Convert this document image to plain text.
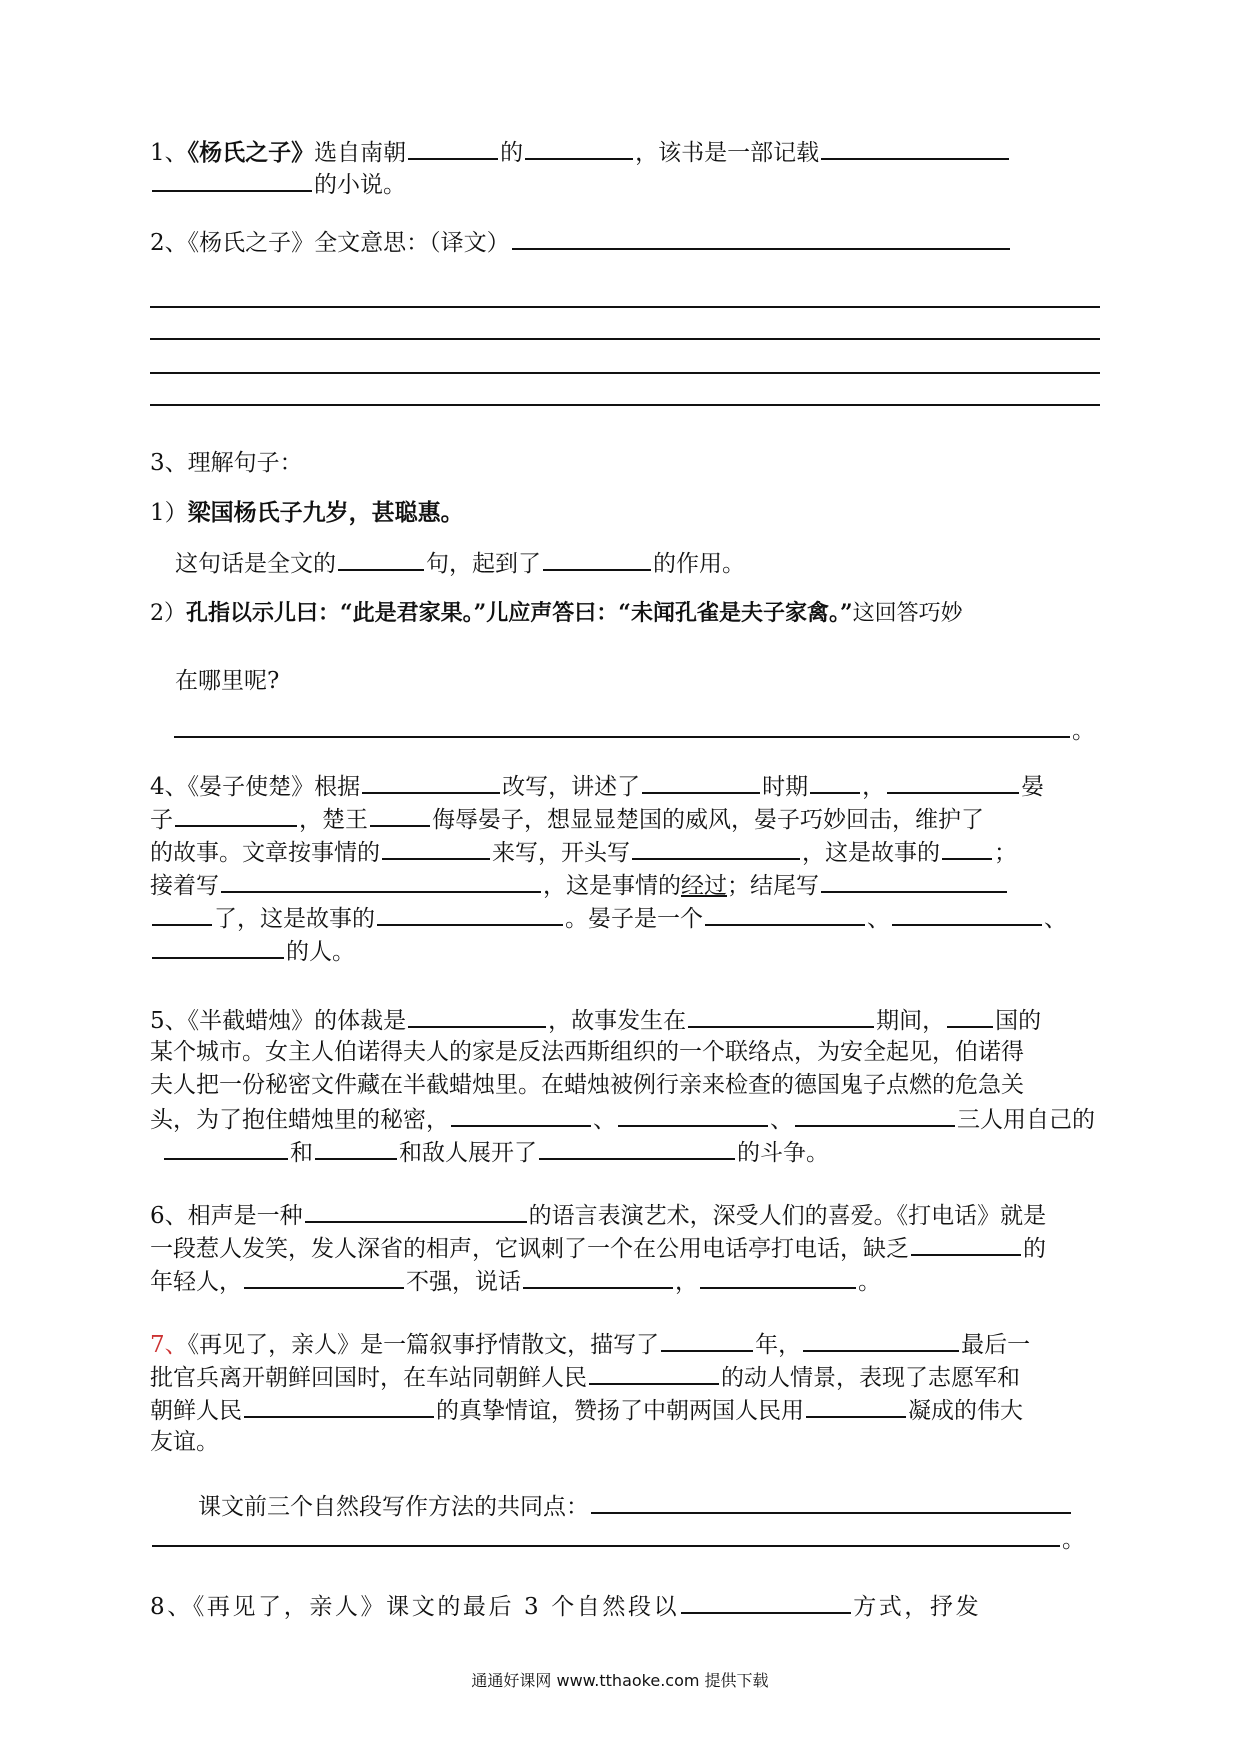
1、《杨氏之子》选自南朝	的	，该书是一部记载
的小说。
2、《杨氏之子》全文意思：（译文）
3、理解句子：
1）梁国杨氏子九岁，甚聪惠。
这句话是全文的	句，起到了	的作用。
2）孔指以示儿曰：“此是君家果。”儿应声答曰：“未闻孔雀是夫子家禽。”这回答巧妙
在哪里呢?
。
4、《晏子使楚》根据	改写，讲述了	时期 ，	晏
子	，楚王	侮辱晏子，想显显楚国的威风，晏子巧妙回击，维护了
的故事。文章按事情的	来写，开头写	，这是故事的 ；
接着写	，这是事情的经过；结尾写
了，这是故事的	。晏子是一个	、	、
的人。
5、《半截蜡烛》的体裁是	，故事发生在	期间， 国的
某个城市。女主人伯诺得夫人的家是反法西斯组织的一个联络点，为安全起见，伯诺得
夫人把一份秘密文件藏在半截蜡烛里。在蜡烛被例行亲来检查的德国鬼子点燃的危急关
头，为了抱住蜡烛里的秘密，	、	、	三人用自己的
和	和敌人展开了	的斗争。
6、相声是一种	的语言表演艺术，深受人们的喜爱。《打电话》就是
一段惹人发笑，发人深省的相声，它讽刺了一个在公用电话亭打电话，缺乏	的
年轻人，	不强，说话	，	。
7、《再见了，亲人》是一篇叙事抒情散文，描写了	年，	最后一
批官兵离开朝鲜回国时，在车站同朝鲜人民	的动人情景，表现了志愿军和
朝鲜人民	的真挚情谊，赞扬了中朝两国人民用	凝成的伟大
友谊。
课文前三个自然段写作方法的共同点：
。
8、《再见了，亲人》课文的最后 3 个自然段以	方式，抒发
通通好课网 www.tthaoke.com 提供下载
